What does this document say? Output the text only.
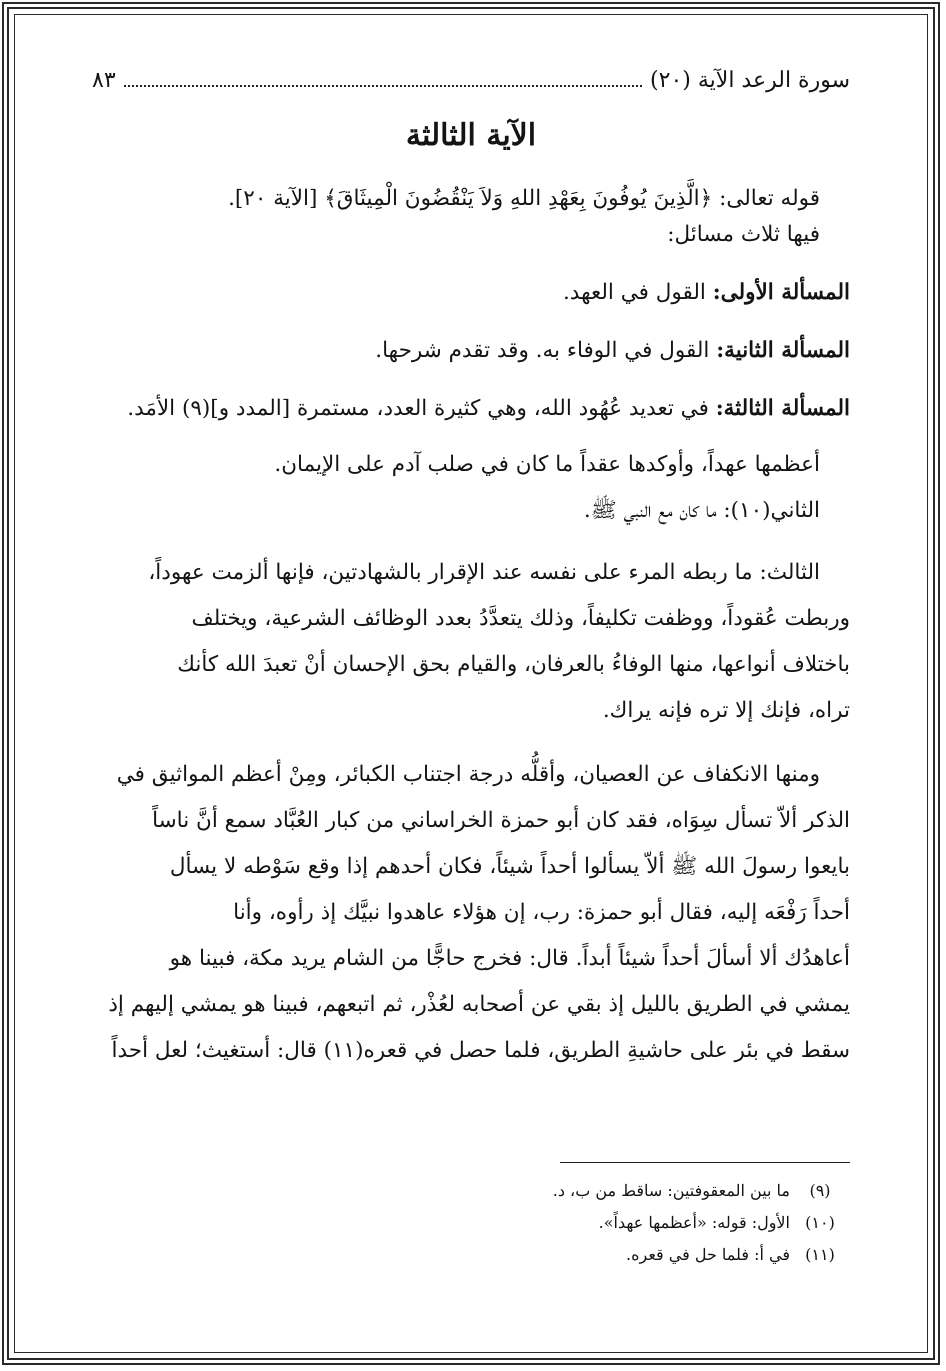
سورة الرعد الآية (٢٠)
٨٣
الآية الثالثة
قوله تعالى: ﴿الَّذِينَ يُوفُونَ بِعَهْدِ اللهِ وَلاَ يَنْقُضُونَ الْمِيثَاقَ﴾ [الآية ٢٠].
فيها ثلاث مسائل:
المسألة الأولى: القول في العهد.
المسألة الثانية: القول في الوفاء به. وقد تقدم شرحها.
المسألة الثالثة: في تعديد عُهُود الله، وهي كثيرة العدد، مستمرة [المدد و](٩) الأمَد.
أعظمها عهداً، وأوكدها عقداً ما كان في صلب آدم على الإيمان.
الثاني(١٠): ما كان مع النبي ﷺ.

الثالث: ما ربطه المرء على نفسه عند الإقرار بالشهادتين، فإنها ألزمت عهوداً،

وربطت عُقوداً، ووظفت تكليفاً، وذلك يتعدَّدُ بعدد الوظائف الشرعية، ويختلف

باختلاف أنواعها، منها الوفاءُ بالعرفان، والقيام بحق الإحسان أنْ تعبدَ الله كأنك

تراه، فإنك إلا تره فإنه يراك.

ومنها الانكفاف عن العصيان، وأقلُّه درجة اجتناب الكبائر، ومِنْ أعظم المواثيق في

الذكر ألاّ تسأل سِوَاه، فقد كان أبو حمزة الخراساني من كبار العُبَّاد سمع أنَّ ناساً

بايعوا رسولَ الله ﷺ ألاّ يسألوا أحداً شيئاً، فكان أحدهم إذا وقع سَوْطه لا يسأل

أحداً رَفْعَه إليه، فقال أبو حمزة: رب، إن هؤلاء عاهدوا نبيَّك إذ رأوه، وأنا

أعاهدُك ألا أسألَ أحداً شيئاً أبداً. قال: فخرج حاجًّا من الشام يريد مكة، فبينا هو

يمشي في الطريق بالليل إذ بقي عن أصحابه لعُذْر، ثم اتبعهم، فبينا هو يمشي إليهم إذ

سقط في بئر على حاشيةِ الطريق، فلما حصل في قعره(١١) قال: أستغيث؛ لعل أحداً

(٩)
ما بين المعقوفتين: ساقط من ب، د.
(١٠)
الأول: قوله: «أعظمها عهداً».
(١١)
في أ: فلما حل في قعره.
